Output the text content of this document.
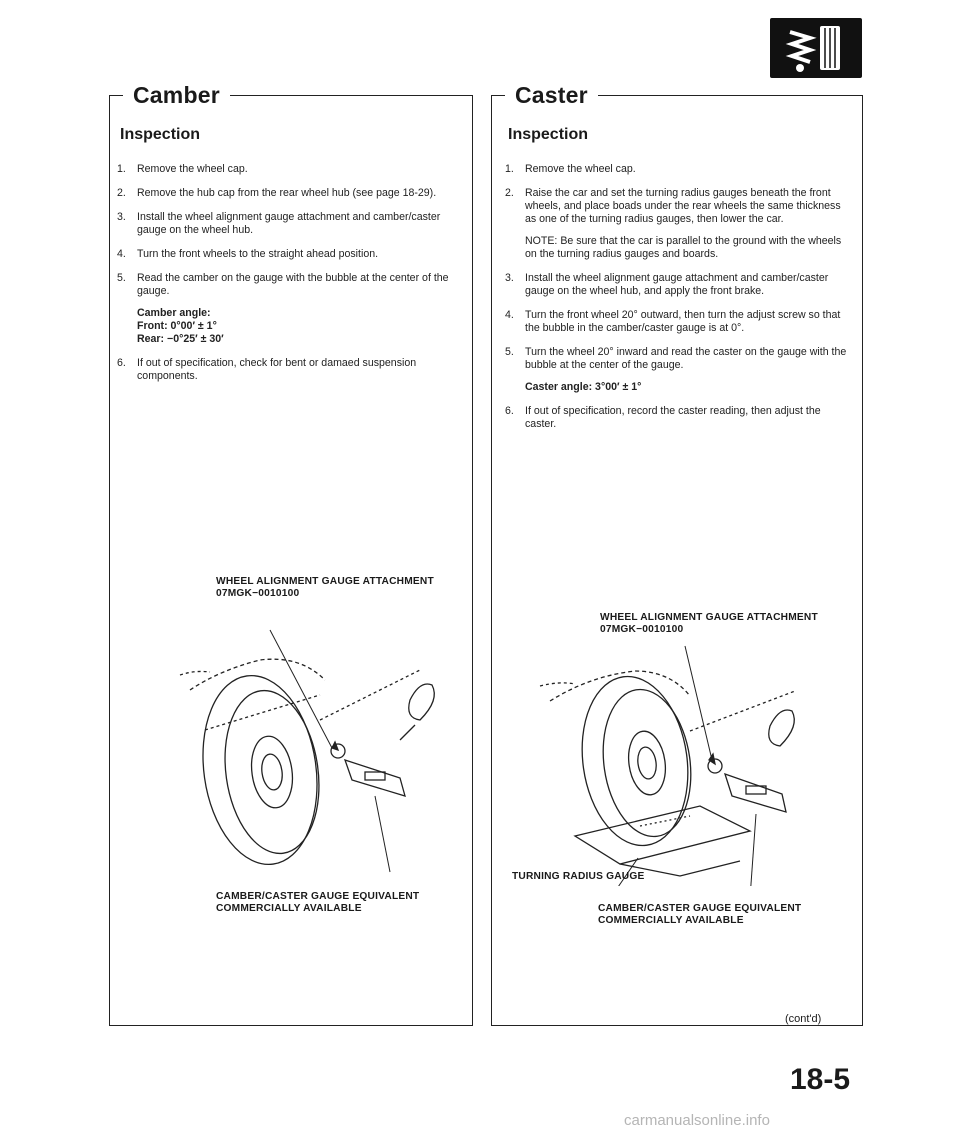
Camber	Caster
Inspection
1. Remove the wheel cap.
2. Remove the hub cap from the rear wheel hub (see page 18-29).
3. Install the wheel alignment gauge attachment and camber/caster gauge on the wheel hub.
4. Turn the front wheels to the straight ahead position.
5. Read the camber on the gauge with the bubble at the center of the gauge.
Camber angle:
Front: 0°00′ ± 1°
Rear: −0°25′ ± 30′
6. If out of specification, check for bent or damaed suspension components.
WHEEL ALIGNMENT GAUGE ATTACHMENT
07MGK−0010100
CAMBER/CASTER GAUGE EQUIVALENT
COMMERCIALLY AVAILABLE
Inspection
1. Remove the wheel cap.
2. Raise the car and set the turning radius gauges beneath the front wheels, and place boads under the rear wheels the same thickness as one of the turning radius gauges, then lower the car.
NOTE: Be sure that the car is parallel to the ground with the wheels on the turning radius gauges and boards.
3. Install the wheel alignment gauge attachment and camber/caster gauge on the wheel hub, and apply the front brake.
4. Turn the front wheel 20° outward, then turn the adjust screw so that the bubble in the camber/caster gauge is at 0°.
5. Turn the wheel 20° inward and read the caster on the gauge with the bubble at the center of the gauge.
Caster angle: 3°00′ ± 1°
6. If out of specification, record the caster reading, then adjust the caster.
WHEEL ALIGNMENT GAUGE ATTACHMENT
07MGK−0010100
TURNING RADIUS GAUGE
CAMBER/CASTER GAUGE EQUIVALENT
COMMERCIALLY AVAILABLE
(cont'd)
18-5
carmanualsonline.info
